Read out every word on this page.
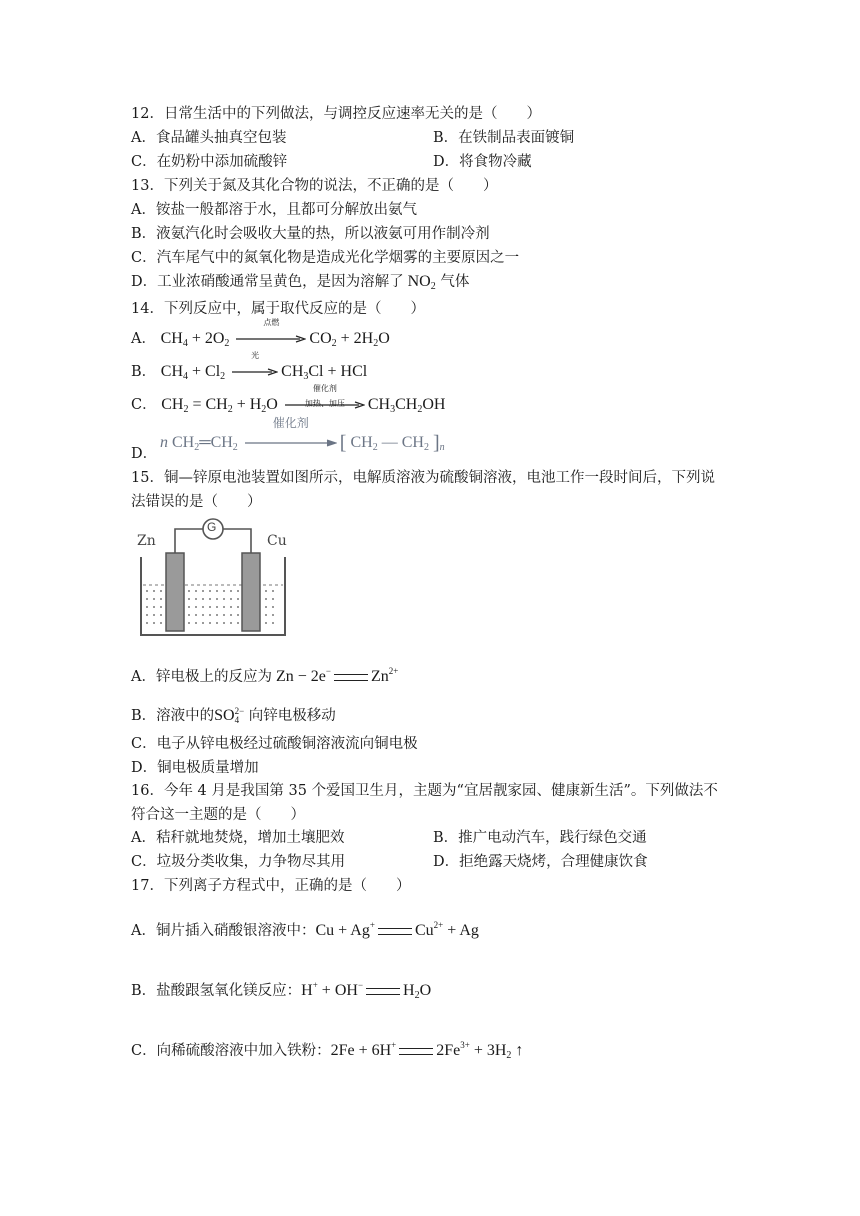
12．日常生活中的下列做法，与调控反应速率无关的是（　　）
A．食品罐头抽真空包装	B．在铁制品表面镀铜
C．在奶粉中添加硫酸锌	D．将食物冷藏
13．下列关于氮及其化合物的说法，不正确的是（　　）
A．铵盐一般都溶于水，且都可分解放出氨气
B．液氨汽化时会吸收大量的热，所以液氨可用作制冷剂
C．汽车尾气中的氮氧化物是造成光化学烟雾的主要原因之一
D．工业浓硝酸通常呈黄色，是因为溶解了 $NO_2$ 气体
14．下列反应中，属于取代反应的是（　　）
A． $CH_4 + 2O_2$
点燃
$CO_2 + 2H_2O$
B． $CH_4 + Cl_2$
光
$CH_3Cl$ + HCl
C． $CH_2 = CH_2 + H_2O$
催化剂
加热、加压	$CH_3CH_2OH$
D．
n $CH_2═CH_2$
催化剂
[ $CH_2$ — $CH_2$ ]$_n$
15．铜—锌原电池装置如图所示，电解质溶液为硫酸铜溶液，电池工作一段时间后，下列说
法错误的是（　　）
G
Zn	Cu
A．锌电极上的反应为 Zn − 2e−	$Zn^{2+}$
B．溶液中的SO 2−
4 向锌电极移动
C．电子从锌电极经过硫酸铜溶液流向铜电极
D．铜电极质量增加
16．今年 4 月是我国第 35 个爱国卫生月，主题为“宜居靓家园、健康新生活”。下列做法不
符合这一主题的是（　　）
A．秸秆就地焚烧，增加土壤肥效	B．推广电动汽车，践行绿色交通
C．垃圾分类收集，力争物尽其用	D．拒绝露天烧烤，合理健康饮食
17．下列离子方程式中，正确的是（　　）
A．铜片插入硝酸银溶液中：Cu + Ag+	$Cu^{2+} + Ag$
B．盐酸跟氢氧化镁反应：H+ + OH−	$H_2O$
C．向稀硫酸溶液中加入铁粉：2Fe + 6H+	$2Fe^{3+} + 3H_2$ ↑
